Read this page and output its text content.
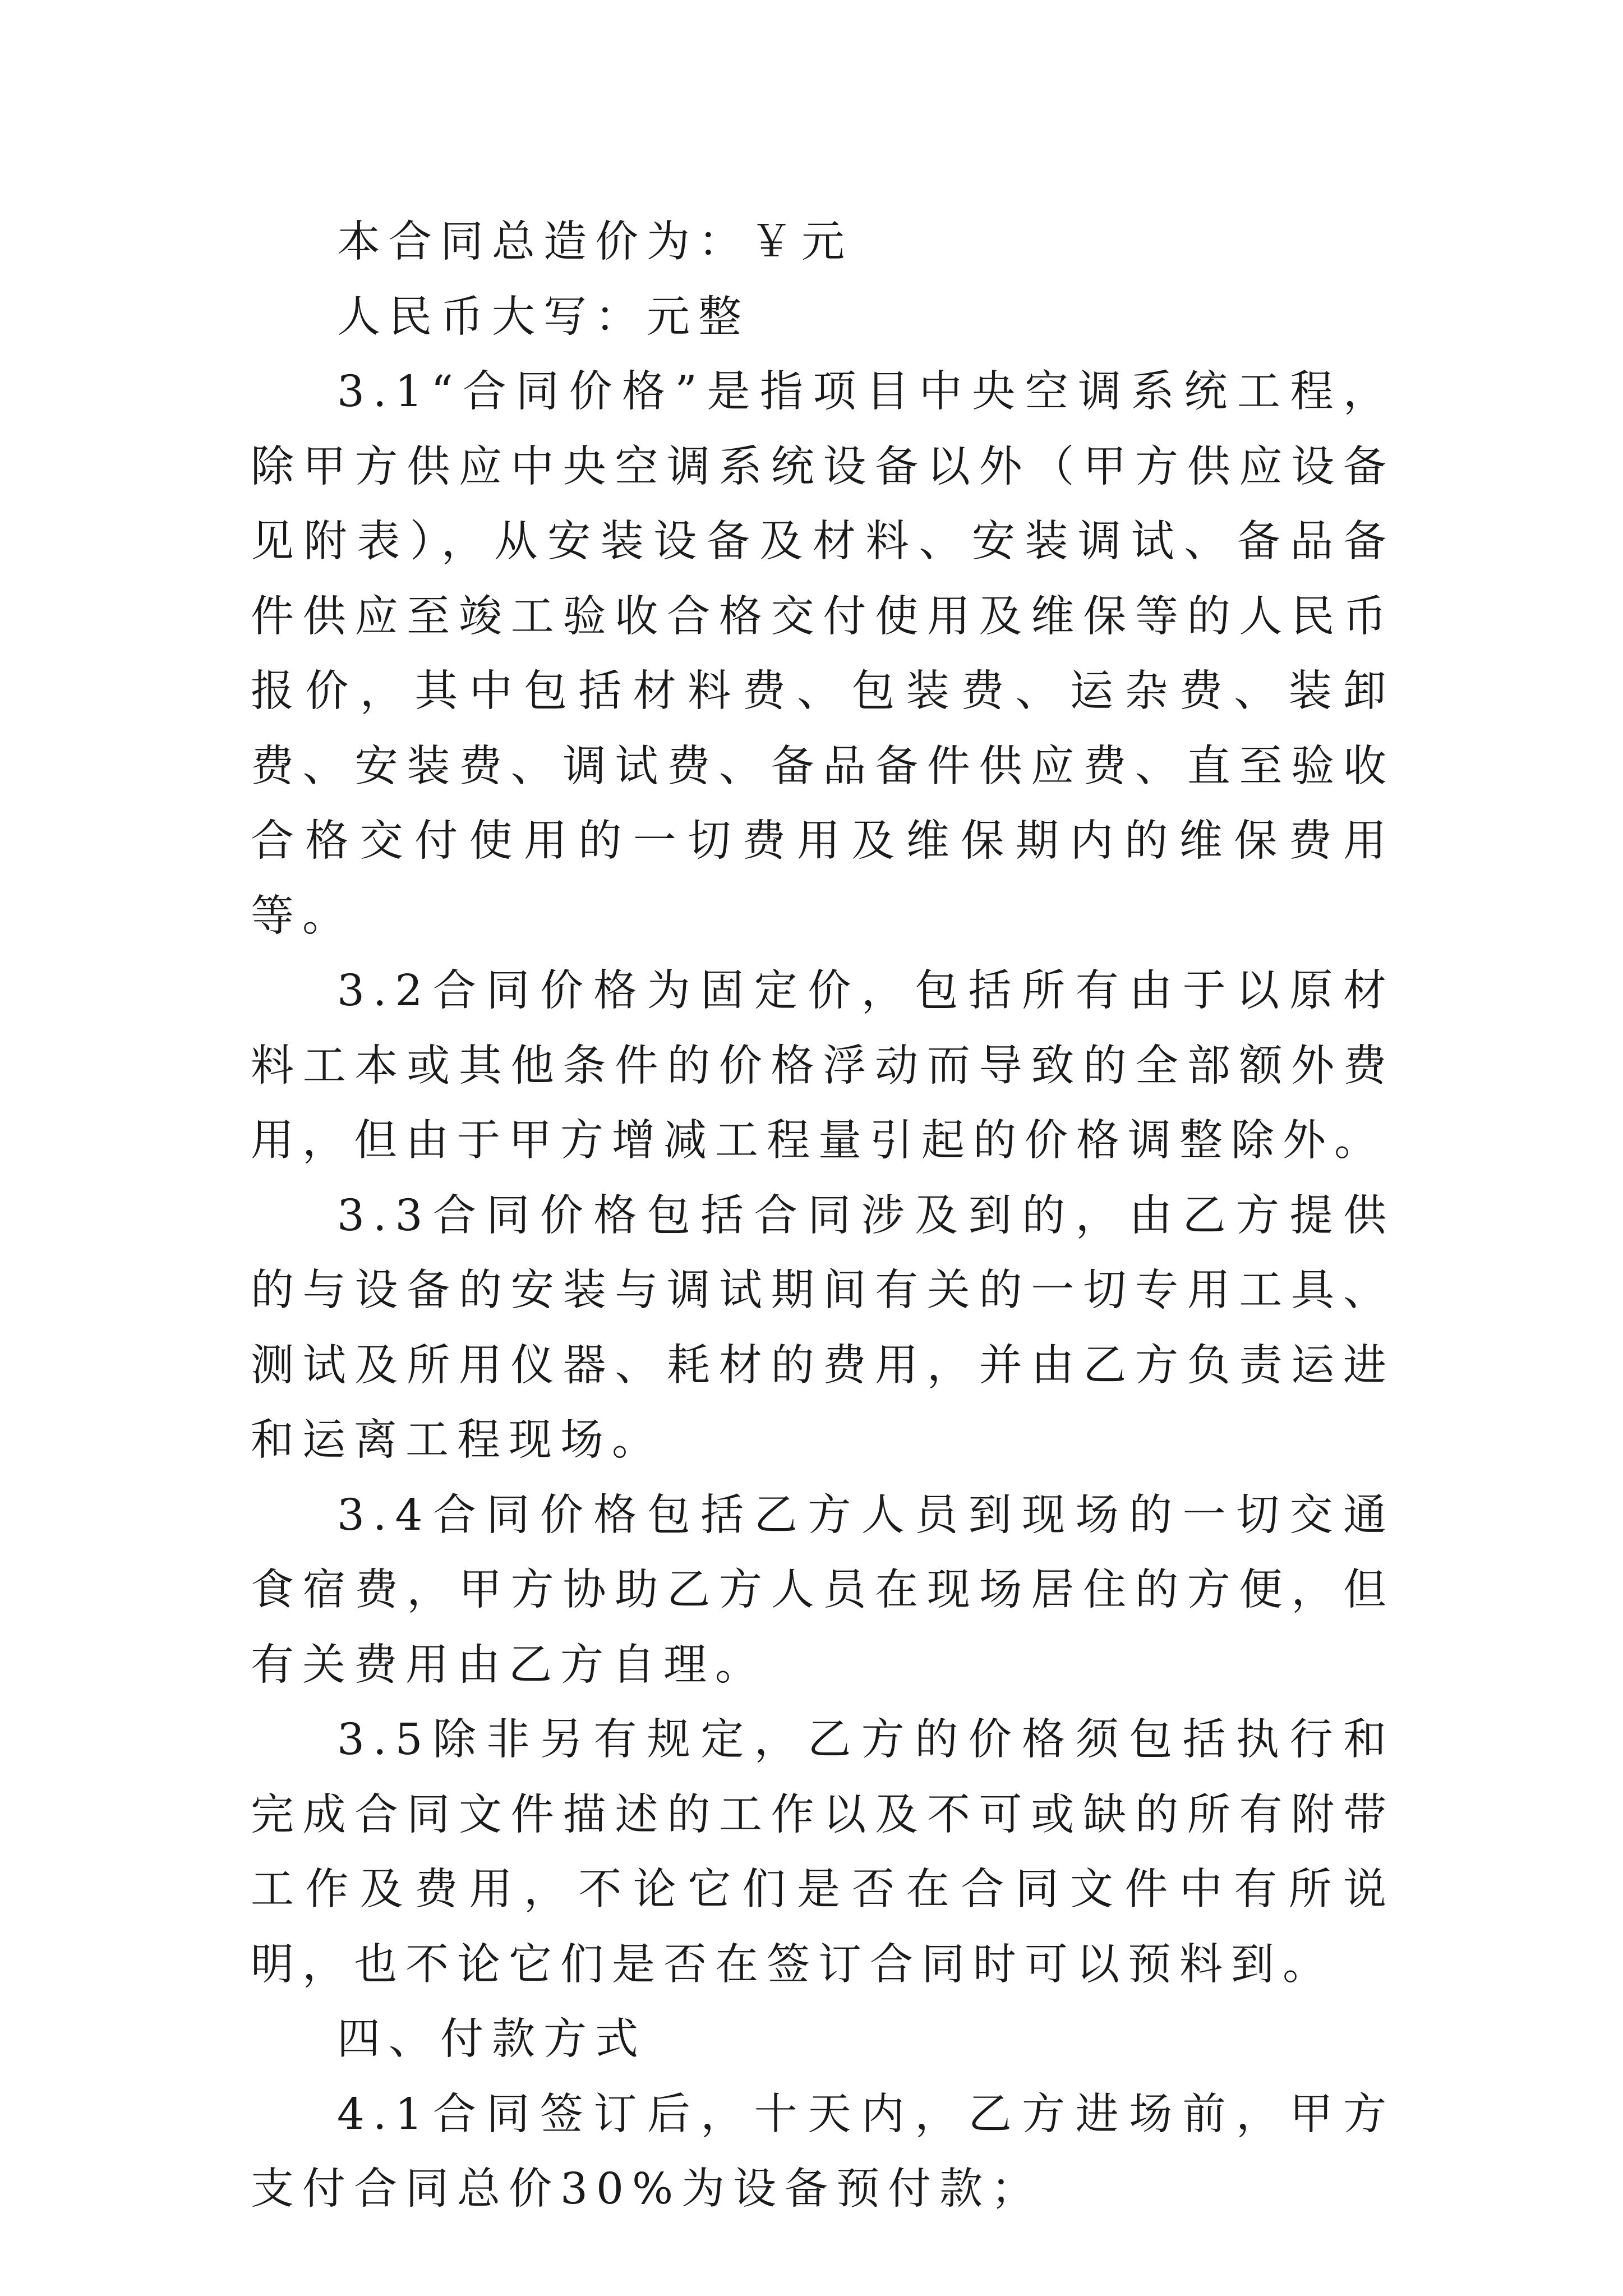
本合同总造价为：￥元

人民币大写：元整

3.1“合同价格”是指项目中央空调系统工程，除甲方供应中央空调系统设备以外（甲方供应设备见附表），从安装设备及材料、安装调试、备品备件供应至竣工验收合格交付使用及维保等的人民币报价，其中包括材料费、包装费、运杂费、装卸费、安装费、调试费、备品备件供应费、直至验收合格交付使用的一切费用及维保期内的维保费用等。

3.2合同价格为固定价，包括所有由于以原材料工本或其他条件的价格浮动而导致的全部额外费用，但由于甲方增减工程量引起的价格调整除外。

3.3合同价格包括合同涉及到的，由乙方提供的与设备的安装与调试期间有关的一切专用工具、测试及所用仪器、耗材的费用，并由乙方负责运进和运离工程现场。

3.4合同价格包括乙方人员到现场的一切交通食宿费，甲方协助乙方人员在现场居住的方便，但有关费用由乙方自理。

3.5除非另有规定，乙方的价格须包括执行和完成合同文件描述的工作以及不可或缺的所有附带工作及费用，不论它们是否在合同文件中有所说明，也不论它们是否在签订合同时可以预料到。

四、付款方式

4.1合同签订后，十天内，乙方进场前，甲方支付合同总价30%为设备预付款；
